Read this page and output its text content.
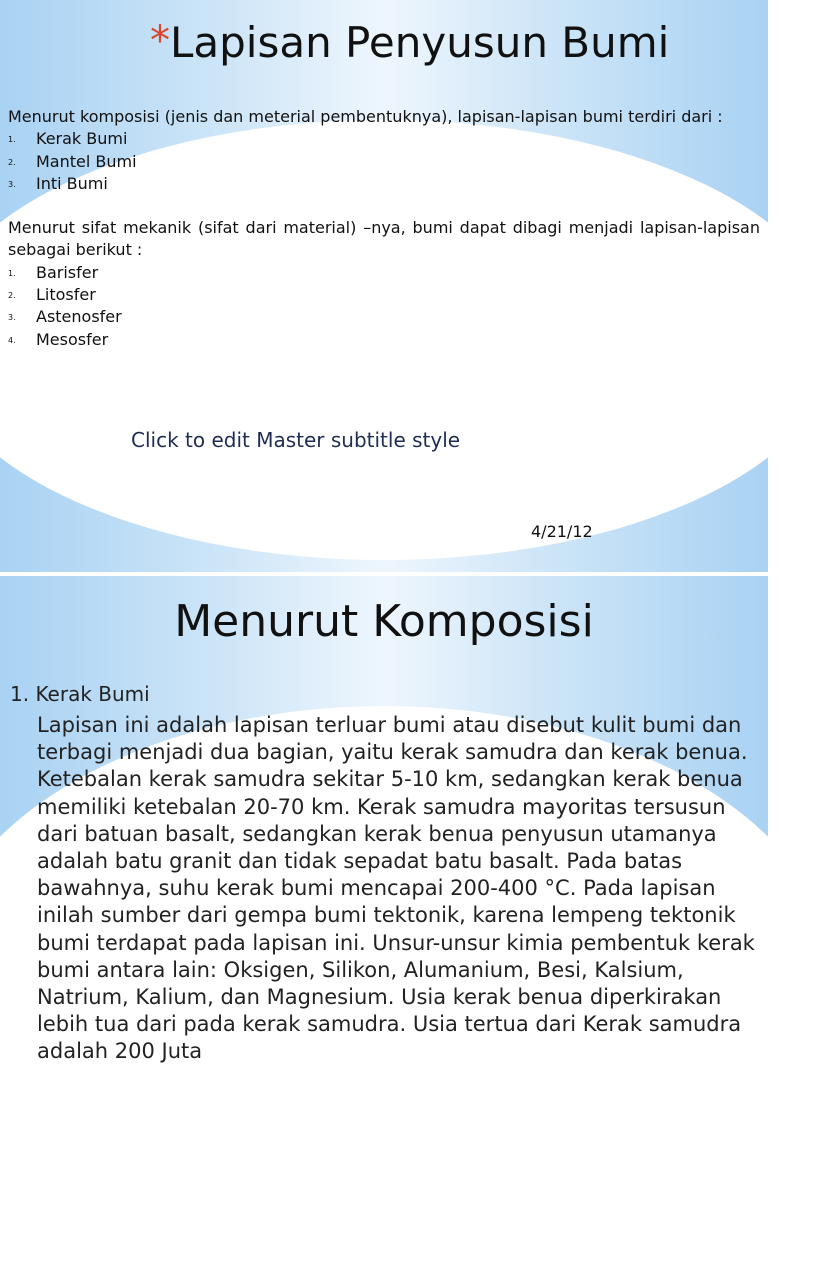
*Lapisan Penyusun Bumi

Menurut komposisi (jenis dan meterial pembentuknya), lapisan-lapisan bumi terdiri dari :

1. Kerak Bumi
2. Mantel Bumi
3. Inti Bumi

Menurut sifat mekanik (sifat dari material) –nya, bumi dapat dibagi menjadi lapisan-lapisan sebagai berikut :

1. Barisfer
2. Litosfer
3. Astenosfer
4. Mesosfer
Click to edit Master subtitle style
4/21/12
Menurut Komposisi
1. Kerak Bumi

Lapisan ini adalah lapisan terluar bumi atau disebut kulit bumi dan terbagi menjadi dua bagian, yaitu kerak samudra dan kerak benua. Ketebalan kerak samudra sekitar 5-10 km, sedangkan kerak benua memiliki ketebalan 20-70 km. Kerak samudra mayoritas tersusun dari batuan basalt, sedangkan kerak benua penyusun utamanya adalah batu granit dan tidak sepadat batu basalt. Pada batas bawahnya, suhu kerak bumi mencapai 200-400 °C. Pada lapisan inilah sumber dari gempa bumi tektonik, karena lempeng tektonik bumi terdapat pada lapisan ini. Unsur-unsur kimia pembentuk kerak bumi antara lain: Oksigen, Silikon, Alumanium, Besi, Kalsium, Natrium, Kalium, dan Magnesium. Usia kerak benua diperkirakan lebih tua dari pada kerak samudra. Usia tertua dari Kerak samudra adalah 200 Juta
